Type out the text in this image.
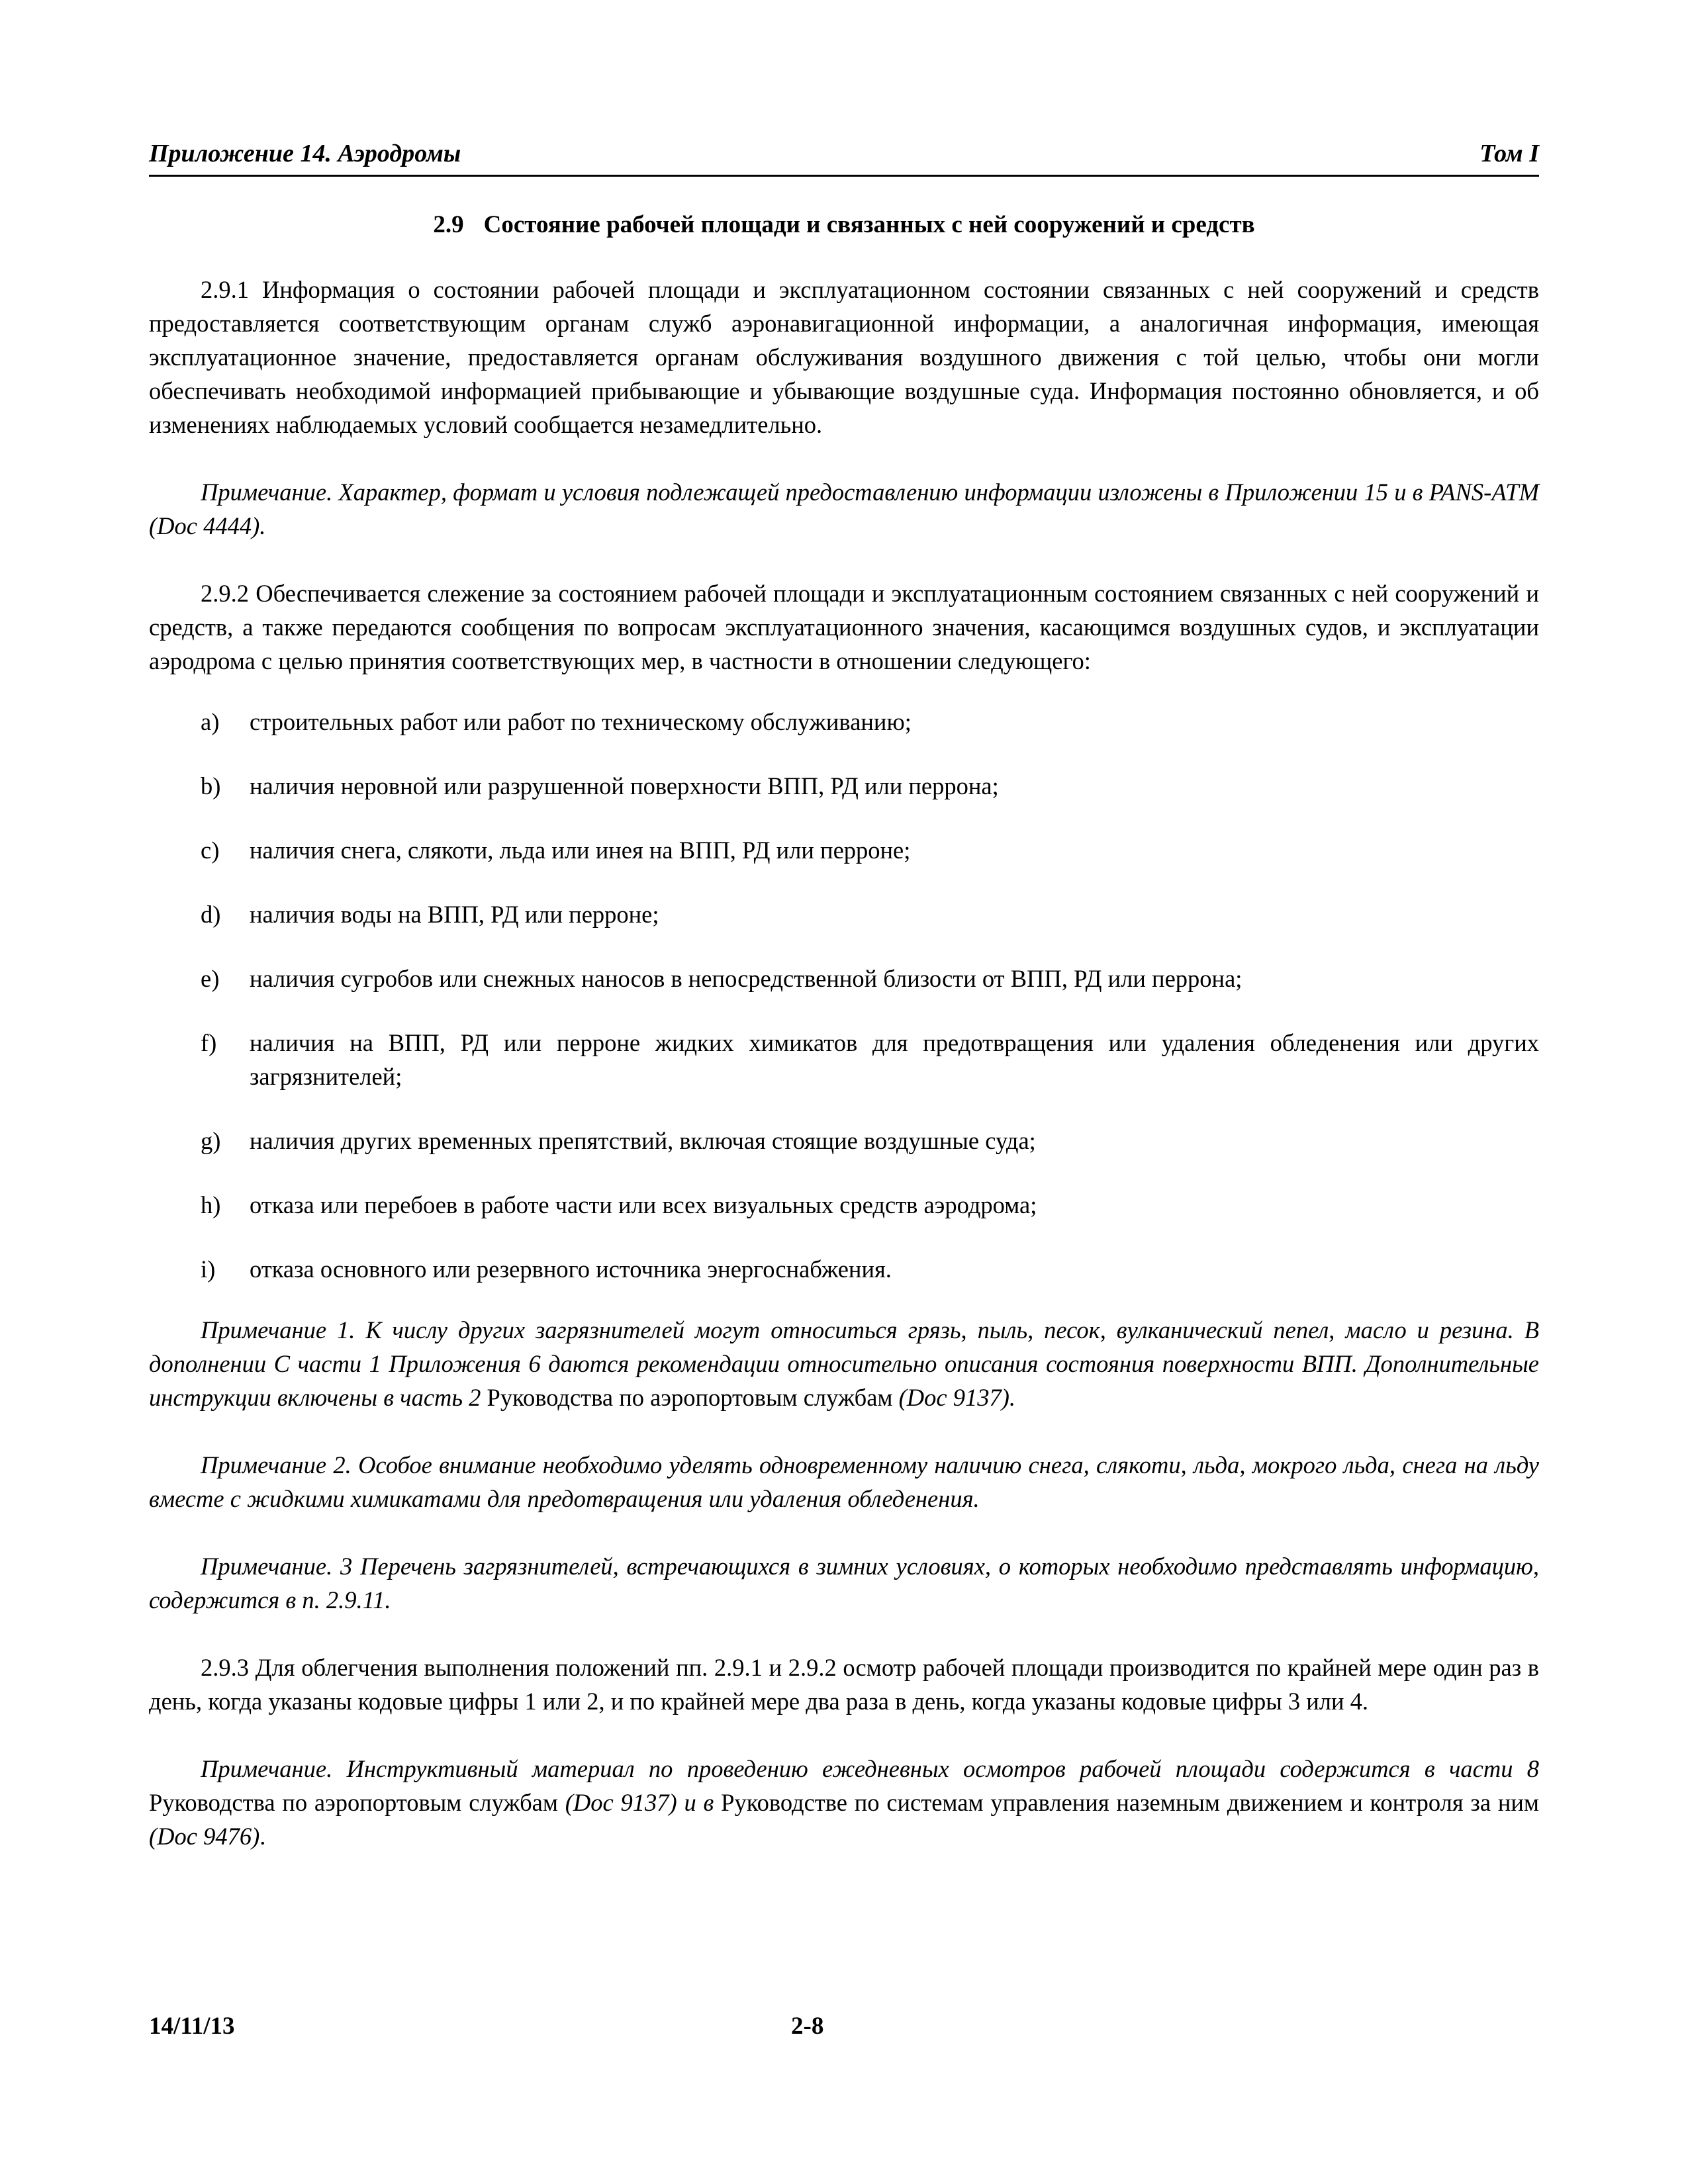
Приложение 14. Аэродромы	Том I
2.9 Состояние рабочей площади и связанных с ней сооружений и средств

2.9.1 Информация о состоянии рабочей площади и эксплуатационном состоянии связанных с ней сооружений и средств предоставляется соответствующим органам служб аэронавигационной информации, а аналогичная информация, имеющая эксплуатационное значение, предоставляется органам обслуживания воздушного движения с той целью, чтобы они могли обеспечивать необходимой информацией прибывающие и убывающие воздушные суда. Информация постоянно обновляется, и об изменениях наблюдаемых условий сообщается незамедлительно.

Примечание. Характер, формат и условия подлежащей предоставлению информации изложены в Приложении 15 и в PANS-ATM (Doc 4444).

2.9.2 Обеспечивается слежение за состоянием рабочей площади и эксплуатационным состоянием связанных с ней сооружений и средств, а также передаются сообщения по вопросам эксплуатационного значения, касающимся воздушных судов, и эксплуатации аэродрома с целью принятия соответствующих мер, в частности в отношении следующего:

a) строительных работ или работ по техническому обслуживанию;
b) наличия неровной или разрушенной поверхности ВПП, РД или перрона;
c) наличия снега, слякоти, льда или инея на ВПП, РД или перроне;
d) наличия воды на ВПП, РД или перроне;
e) наличия сугробов или снежных наносов в непосредственной близости от ВПП, РД или перрона;
f) наличия на ВПП, РД или перроне жидких химикатов для предотвращения или удаления обледенения или других загрязнителей;
g) наличия других временных препятствий, включая стоящие воздушные суда;
h) отказа или перебоев в работе части или всех визуальных средств аэродрома;
i) отказа основного или резервного источника энергоснабжения.

Примечание 1. К числу других загрязнителей могут относиться грязь, пыль, песок, вулканический пепел, масло и резина. В дополнении С части 1 Приложения 6 даются рекомендации относительно описания состояния поверхности ВПП. Дополнительные инструкции включены в часть 2 Руководства по аэропортовым службам (Doc 9137).

Примечание 2. Особое внимание необходимо уделять одновременному наличию снега, слякоти, льда, мокрого льда, снега на льду вместе с жидкими химикатами для предотвращения или удаления обледенения.

Примечание. 3 Перечень загрязнителей, встречающихся в зимних условиях, о которых необходимо представлять информацию, содержится в п. 2.9.11.

2.9.3 Для облегчения выполнения положений пп. 2.9.1 и 2.9.2 осмотр рабочей площади производится по крайней мере один раз в день, когда указаны кодовые цифры 1 или 2, и по крайней мере два раза в день, когда указаны кодовые цифры 3 или 4.

Примечание. Инструктивный материал по проведению ежедневных осмотров рабочей площади содержится в части 8 Руководства по аэропортовым службам (Doc 9137) и в Руководстве по системам управления наземным движением и контроля за ним (Doc 9476).

14/11/13	2-8
